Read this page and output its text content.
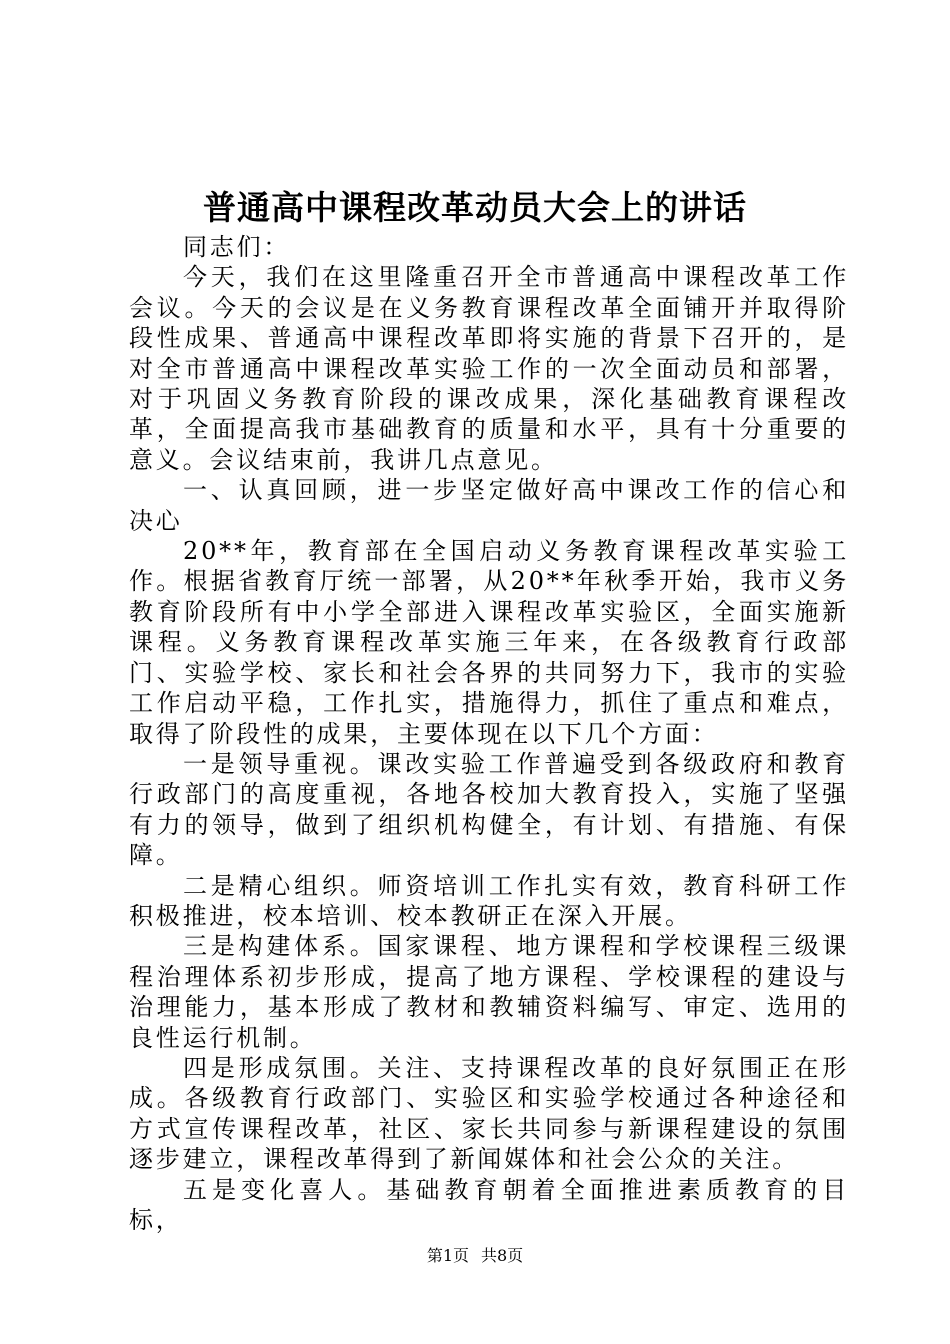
普通高中课程改革动员大会上的讲话

同志们：

今天，我们在这里隆重召开全市普通高中课程改革工作会议。今天的会议是在义务教育课程改革全面铺开并取得阶段性成果、普通高中课程改革即将实施的背景下召开的，是对全市普通高中课程改革实验工作的一次全面动员和部署，对于巩固义务教育阶段的课改成果，深化基础教育课程改革，全面提高我市基础教育的质量和水平，具有十分重要的意义。会议结束前，我讲几点意见。

一、认真回顾，进一步坚定做好高中课改工作的信心和决心

20**年，教育部在全国启动义务教育课程改革实验工作。根据省教育厅统一部署，从20**年秋季开始，我市义务教育阶段所有中小学全部进入课程改革实验区，全面实施新课程。义务教育课程改革实施三年来，在各级教育行政部门、实验学校、家长和社会各界的共同努力下，我市的实验工作启动平稳，工作扎实，措施得力，抓住了重点和难点，取得了阶段性的成果，主要体现在以下几个方面：

一是领导重视。课改实验工作普遍受到各级政府和教育行政部门的高度重视，各地各校加大教育投入，实施了坚强有力的领导，做到了组织机构健全，有计划、有措施、有保障。

二是精心组织。师资培训工作扎实有效，教育科研工作积极推进，校本培训、校本教研正在深入开展。

三是构建体系。国家课程、地方课程和学校课程三级课程治理体系初步形成，提高了地方课程、学校课程的建设与治理能力，基本形成了教材和教辅资料编写、审定、选用的良性运行机制。

四是形成氛围。关注、支持课程改革的良好氛围正在形成。各级教育行政部门、实验区和实验学校通过各种途径和方式宣传课程改革，社区、家长共同参与新课程建设的氛围逐步建立，课程改革得到了新闻媒体和社会公众的关注。

五是变化喜人。基础教育朝着全面推进素质教育的目标，

第1页 共8页
